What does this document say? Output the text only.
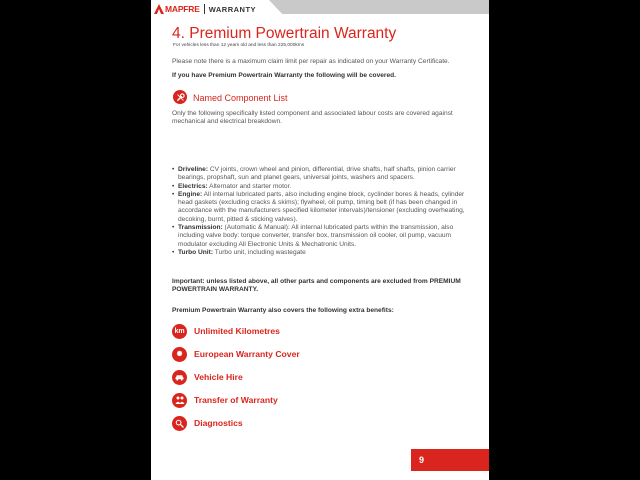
MAPFRE WARRANTY
4. Premium Powertrain Warranty
For vehicles less than 12 years old and less than 225,000kms
Please note there is a maximum claim limit per repair as indicated on your Warranty Certificate.
If you have Premium Powertrain Warranty the following will be covered.
Named Component List
Only the following specifically listed component and associated labour costs are covered against mechanical and electrical breakdown.
• Driveline: CV joints, crown wheel and pinion, differential, drive shafts, half shafts, pinion carrier bearings, propshaft, sun and planet gears, universal joints, washers and spacers.
• Electrics: Alternator and starter motor.
• Engine: All internal lubricated parts, also including engine block, cyclinder bores & heads, cylinder head gaskets (excluding cracks & skims); flywheel, oil pump, timing belt (if has been changed in accordance with the manufacturers specified kilometer intervals)/tensioner (excluding overheating, decoking, burnt, pitted & sticking valves).
• Transmission: (Automatic & Manual): All internal lubricated parts within the transmission, also including valve body: torque converter, transfer box, transmission oil cooler, oil pump, vacuum modulator excluding All Electronic Units & Mechatronic Units.
• Turbo Unit: Turbo unit, including wastegate
Important: unless listed above, all other parts and components are excluded from PREMIUM POWERTRAIN WARRANTY.
Premium Powertrain Warranty also covers the following extra benefits:
km Unlimited Kilometres
✺ European Warranty Cover
Vehicle Hire
Transfer of Warranty
Diagnostics
9
